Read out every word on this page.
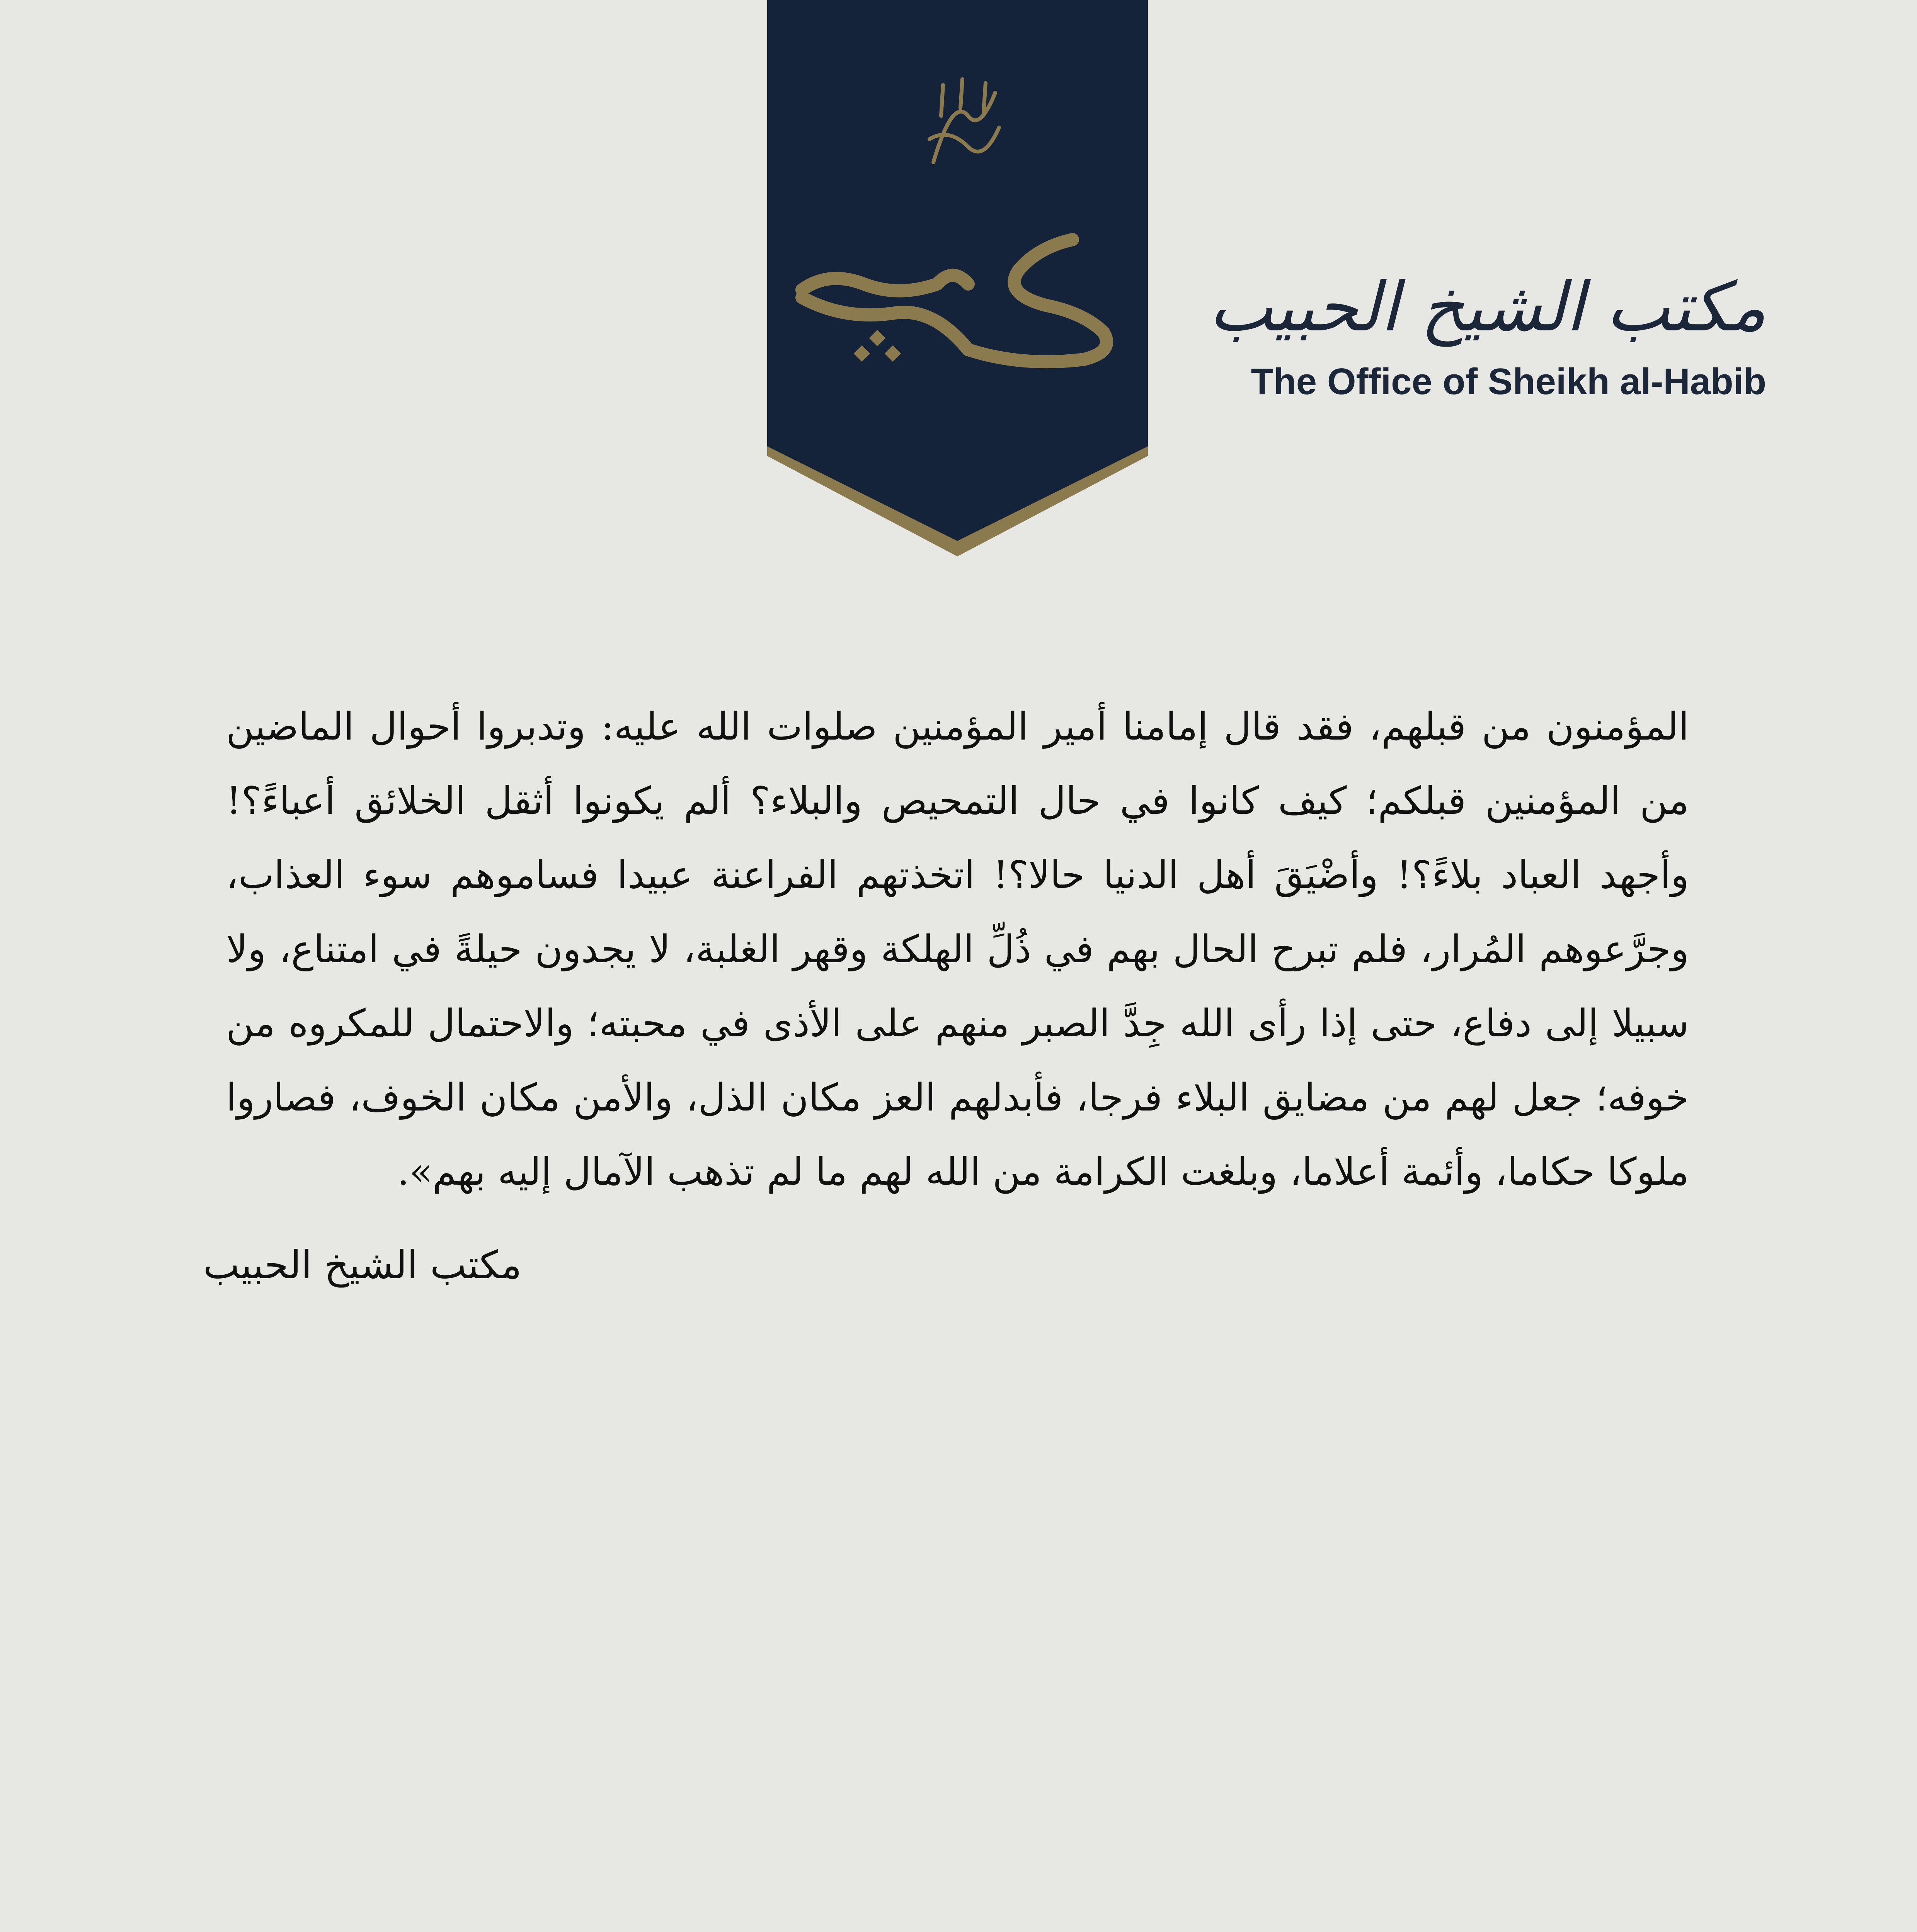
مكتب الشيخ الحبيب
The Office of Sheikh al-Habib
المؤمنون من قبلهم، فقد قال إمامنا أمير المؤمنين صلوات الله عليه: وتدبروا أحوال الماضين من المؤمنين قبلكم؛ كيف كانوا في حال التمحيص والبلاء؟ ألم يكونوا أثقل الخلائق أعباءً؟! وأجهد العباد بلاءً؟! وأضْيَقَ أهل الدنيا حالا؟! اتخذتهم الفراعنة عبيدا فساموهم سوء العذاب، وجرَّعوهم المُرار، فلم تبرح الحال بهم في ذُلِّ الهلكة وقهر الغلبة، لا يجدون حيلةً في امتناع، ولا سبيلا إلى دفاع، حتى إذا رأى الله جِدَّ الصبر منهم على الأذى في محبته؛ والاحتمال للمكروه من خوفه؛ جعل لهم من مضايق البلاء فرجا، فأبدلهم العز مكان الذل، والأمن مكان الخوف، فصاروا ملوكا حكاما، وأئمة أعلاما، وبلغت الكرامة من الله لهم ما لم تذهب الآمال إليه بهم».
مكتب الشيخ الحبيب
